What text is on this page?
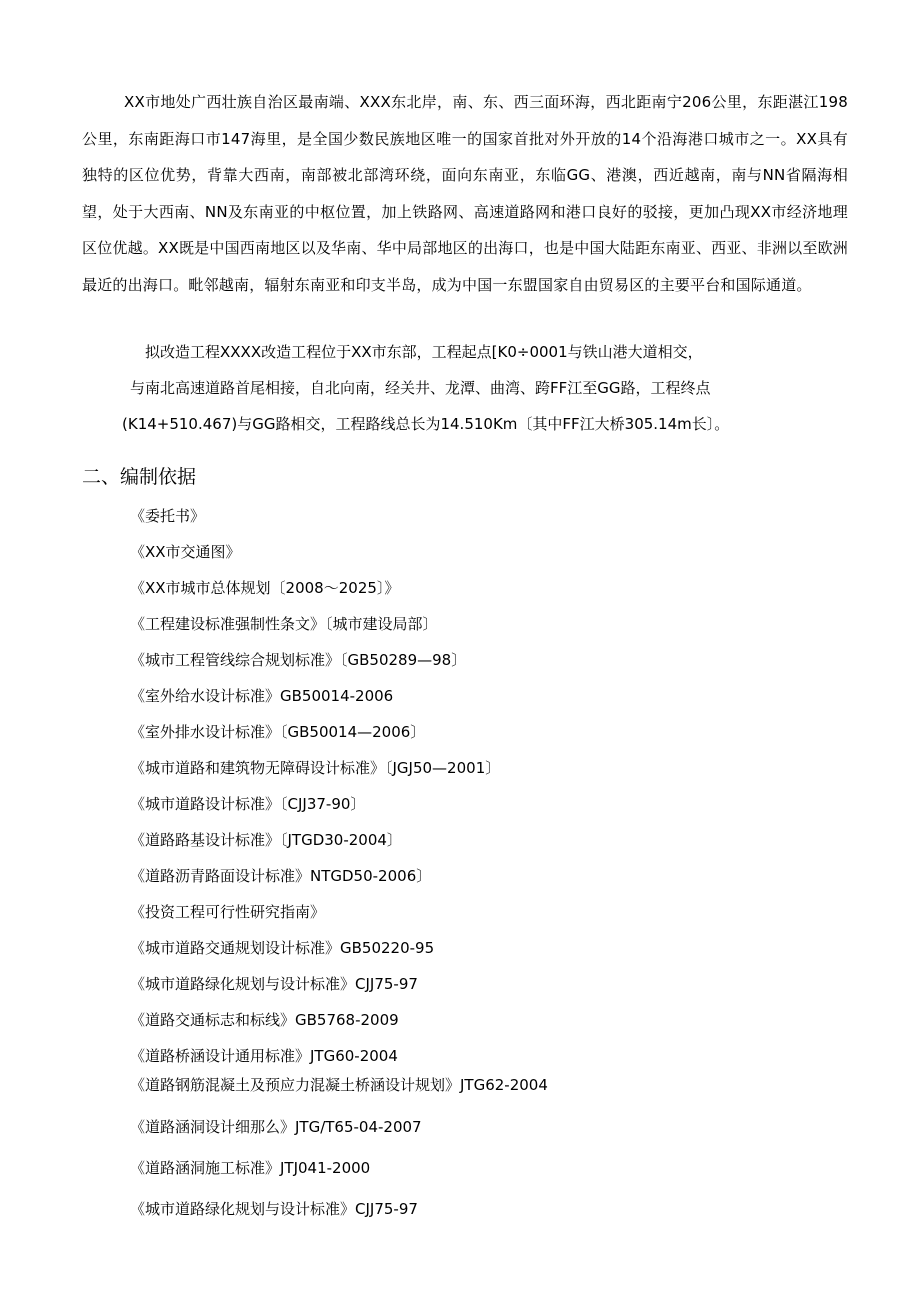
XX市地处广西壮族自治区最南端、XXX东北岸，南、东、西三面环海，西北距南宁206公里，东距湛江198公里，东南距海口市147海里，是全国少数民族地区唯一的国家首批对外开放的14个沿海港口城市之一。XX具有独特的区位优势，背靠大西南，南部被北部湾环绕，面向东南亚，东临GG、港澳，西近越南，南与NN省隔海相望，处于大西南、NN及东南亚的中枢位置，加上铁路网、高速道路网和港口良好的驳接，更加凸现XX市经济地理区位优越。XX既是中国西南地区以及华南、华中局部地区的出海口，也是中国大陆距东南亚、西亚、非洲以至欧洲最近的出海口。毗邻越南，辐射东南亚和印支半岛，成为中国一东盟国家自由贸易区的主要平台和国际通道。

拟改造工程XXXX改造工程位于XX市东部，工程起点[K0÷0001与铁山港大道相交，
与南北高速道路首尾相接，自北向南，经关井、龙潭、曲湾、跨FF江至GG路，工程终点
(K14+510.467)与GG路相交，工程路线总长为14.510Km〔其中FF江大桥305.14m长〕。
二、编制依据
《委托书》
《XX市交通图》
《XX市城市总体规划〔2008～2025〕》
《工程建设标准强制性条文》〔城市建设局部〕
《城市工程管线综合规划标准》〔GB50289—98〕
《室外给水设计标准》GB50014-2006
《室外排水设计标准》〔GB50014—2006〕
《城市道路和建筑物无障碍设计标准》〔JGJ50—2001〕
《城市道路设计标准》〔CJJ37-90〕
《道路路基设计标准》〔JTGD30-2004〕
《道路沥青路面设计标准》NTGD50-2006〕
《投资工程可行性研究指南》
《城市道路交通规划设计标准》GB50220-95
《城市道路绿化规划与设计标准》CJJ75-97
《道路交通标志和标线》GB5768-2009
《道路桥涵设计通用标准》JTG60-2004
《道路钢筋混凝土及预应力混凝土桥涵设计规划》JTG62-2004
《道路涵洞设计细那么》JTG/T65-04-2007
《道路涵洞施工标准》JTJ041-2000
《城市道路绿化规划与设计标准》CJJ75-97
